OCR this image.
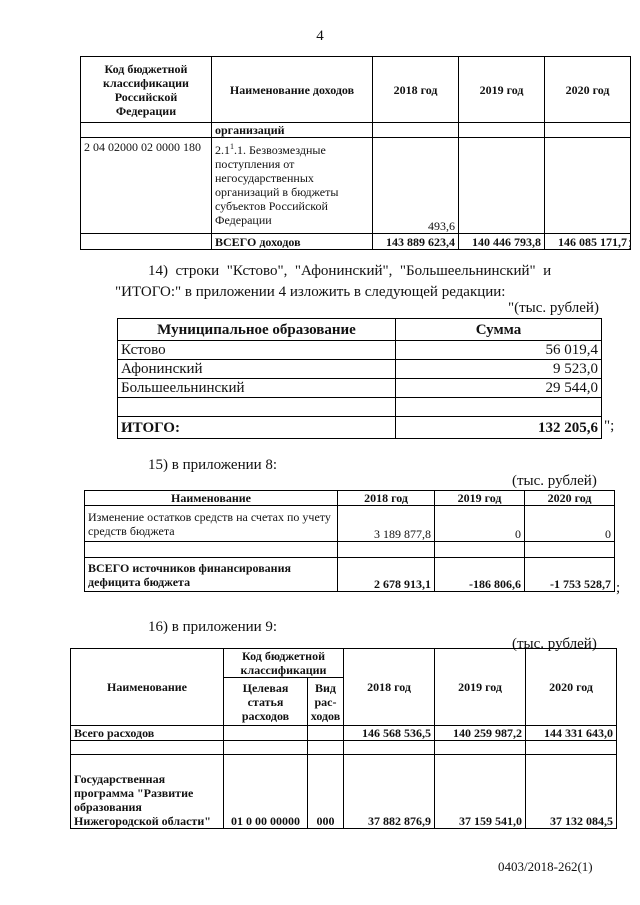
4
Код бюджетной классификации Российской Федерации	Наименование доходов	2018 год	2019 год	2020 год
	организаций			
2 04 02000 02 0000 180	$2.1^1.1$. Безвозмездные поступления от негосударственных организаций в бюджеты субъектов Российской Федерации	493,6		
	ВСЕГО доходов	143 889 623,4	140 446 793,8	146 085 171,7 ;
14)  строки  "Кстово",  "Афонинский",  "Большеельнинский"  и
"ИТОГО:" в приложении 4 изложить в следующей редакции:
"(тыс. рублей)
Муниципальное образование	Сумма
Кстово	56 019,4
Афонинский	9 523,0
Большеельнинский	29 544,0

ИТОГО:	132 205,6 ";
15) в приложении 8:
(тыс. рублей)
Наименование	2018 год	2019 год	2020 год
Изменение остатков средств на счетах по учету средств бюджета	3 189 877,8	0	0

ВСЕГО источников финансирования дефицита бюджета	2 678 913,1	-186 806,6	-1 753 528,7 ;
16) в приложении 9:
(тыс. рублей)
Наименование	Код бюджетной классификации		2018 год	2019 год	2020 год
	Целевая статья расходов	Вид рас-ходов			
Всего расходов			146 568 536,5	140 259 987,2	144 331 643,0

Государственная программа "Развитие образования Нижегородской области"	01 0 00 00000	000	37 882 876,9	37 159 541,0	37 132 084,5
0403/2018-262(1)
